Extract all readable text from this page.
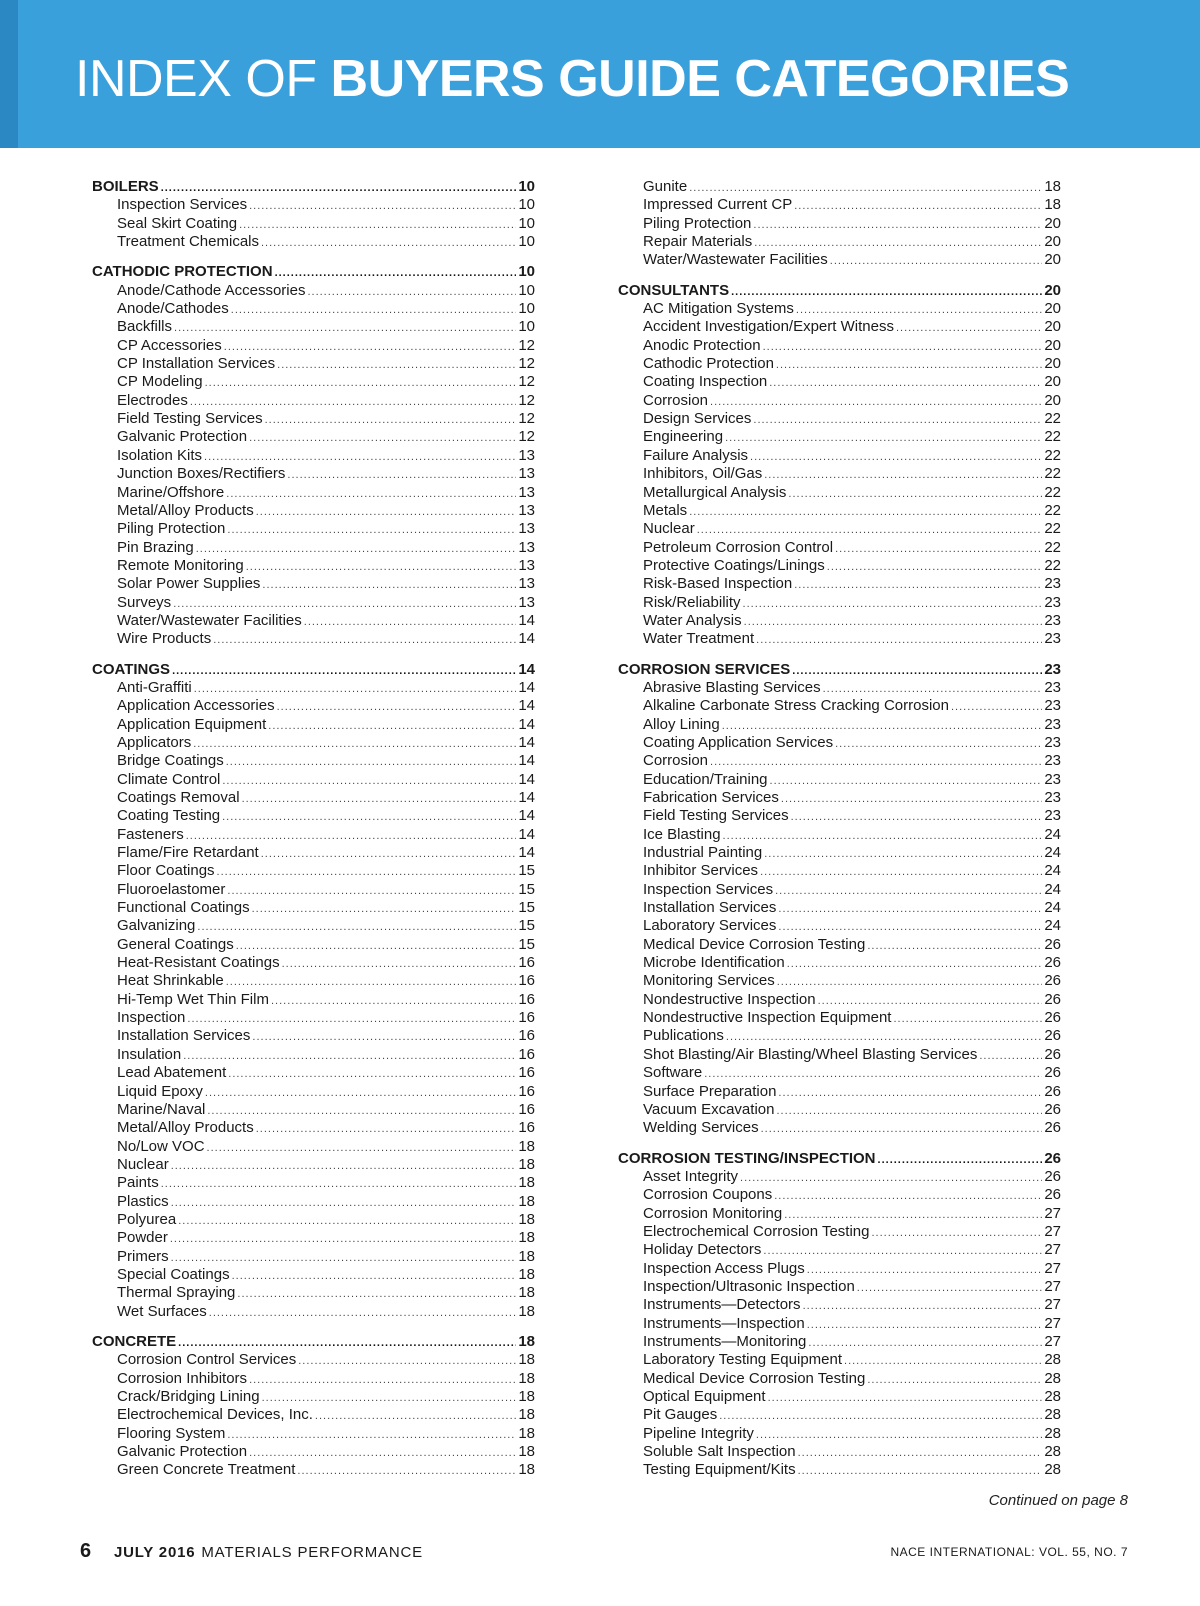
INDEX OF BUYERS GUIDE CATEGORIES
BOILERS .....	10
Inspection Services .....	10
Seal Skirt Coating .....	10
Treatment Chemicals .....	10
CATHODIC PROTECTION .....	10
Anode/Cathode Accessories .....	10
Anode/Cathodes .....	10
Backfills .....	10
CP Accessories .....	12
CP Installation Services .....	12
CP Modeling .....	12
Electrodes .....	12
Field Testing Services .....	12
Galvanic Protection .....	12
Isolation Kits .....	13
Junction Boxes/Rectifiers .....	13
Marine/Offshore .....	13
Metal/Alloy Products .....	13
Piling Protection .....	13
Pin Brazing .....	13
Remote Monitoring .....	13
Solar Power Supplies .....	13
Surveys .....	13
Water/Wastewater Facilities .....	14
Wire Products .....	14
COATINGS .....	14
Anti-Graffiti .....	14
Application Accessories .....	14
Application Equipment .....	14
Applicators .....	14
Bridge Coatings .....	14
Climate Control .....	14
Coatings Removal .....	14
Coating Testing .....	14
Fasteners .....	14
Flame/Fire Retardant .....	14
Floor Coatings .....	15
Fluoroelastomer .....	15
Functional Coatings .....	15
Galvanizing .....	15
General Coatings .....	15
Heat-Resistant Coatings .....	16
Heat Shrinkable .....	16
Hi-Temp Wet Thin Film .....	16
Inspection .....	16
Installation Services .....	16
Insulation .....	16
Lead Abatement .....	16
Liquid Epoxy .....	16
Marine/Naval .....	16
Metal/Alloy Products .....	16
No/Low VOC .....	18
Nuclear .....	18
Paints .....	18
Plastics .....	18
Polyurea .....	18
Powder .....	18
Primers .....	18
Special Coatings .....	18
Thermal Spraying .....	18
Wet Surfaces .....	18
CONCRETE .....	18
Corrosion Control Services .....	18
Corrosion Inhibitors .....	18
Crack/Bridging Lining .....	18
Electrochemical Devices, Inc. .....	18
Flooring System .....	18
Galvanic Protection .....	18
Green Concrete Treatment .....	18
Gunite .....	18
Impressed Current CP .....	18
Piling Protection .....	20
Repair Materials .....	20
Water/Wastewater Facilities .....	20
CONSULTANTS .....	20
AC Mitigation Systems .....	20
Accident Investigation/Expert Witness .....	20
Anodic Protection .....	20
Cathodic Protection .....	20
Coating Inspection .....	20
Corrosion .....	20
Design Services .....	22
Engineering .....	22
Failure Analysis .....	22
Inhibitors, Oil/Gas .....	22
Metallurgical Analysis .....	22
Metals .....	22
Nuclear .....	22
Petroleum Corrosion Control .....	22
Protective Coatings/Linings .....	22
Risk-Based Inspection .....	23
Risk/Reliability .....	23
Water Analysis .....	23
Water Treatment .....	23
CORROSION SERVICES .....	23
Abrasive Blasting Services .....	23
Alkaline Carbonate Stress Cracking Corrosion .....	23
Alloy Lining .....	23
Coating Application Services .....	23
Corrosion .....	23
Education/Training .....	23
Fabrication Services .....	23
Field Testing Services .....	23
Ice Blasting .....	24
Industrial Painting .....	24
Inhibitor Services .....	24
Inspection Services .....	24
Installation Services .....	24
Laboratory Services .....	24
Medical Device Corrosion Testing .....	26
Microbe Identification .....	26
Monitoring Services .....	26
Nondestructive Inspection .....	26
Nondestructive Inspection Equipment .....	26
Publications .....	26
Shot Blasting/Air Blasting/Wheel Blasting Services .....	26
Software .....	26
Surface Preparation .....	26
Vacuum Excavation .....	26
Welding Services .....	26
CORROSION TESTING/INSPECTION .....	26
Asset Integrity .....	26
Corrosion Coupons .....	26
Corrosion Monitoring .....	27
Electrochemical Corrosion Testing .....	27
Holiday Detectors .....	27
Inspection Access Plugs .....	27
Inspection/Ultrasonic Inspection .....	27
Instruments—Detectors .....	27
Instruments—Inspection .....	27
Instruments—Monitoring .....	27
Laboratory Testing Equipment .....	28
Medical Device Corrosion Testing .....	28
Optical Equipment .....	28
Pit Gauges .....	28
Pipeline Integrity .....	28
Soluble Salt Inspection .....	28
Testing Equipment/Kits .....	28

Continued on page 8

6 JULY 2016 MATERIALS PERFORMANCE	NACE INTERNATIONAL: VOL. 55, NO. 7
